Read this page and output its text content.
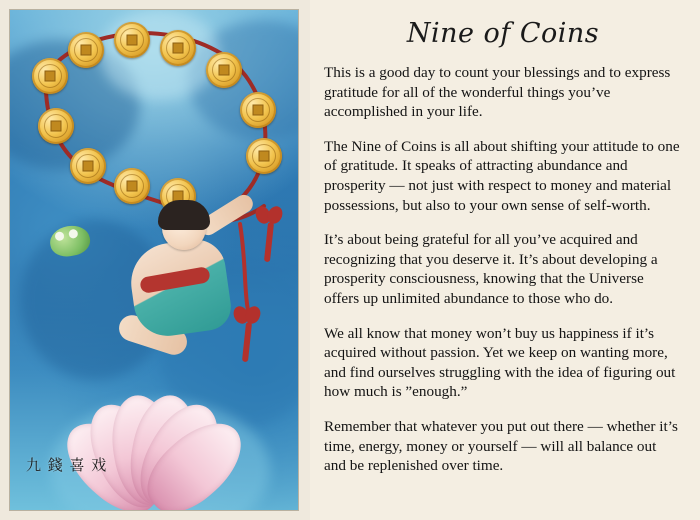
九 錢 喜 戏
Nine of Coins

This is a good day to count your blessings and to express gratitude for all of the wonderful things you’ve accomplished in your life.

The Nine of Coins is all about shifting your attitude to one of gratitude. It speaks of attracting abundance and prosperity — not just with respect to money and material possessions, but also to your own sense of self-worth.

It’s about being grateful for all you’ve acquired and recognizing that you deserve it. It’s about developing a prosperity consciousness, knowing that the Universe offers up unlimited abundance to those who do.

We all know that money won’t buy us happiness if it’s acquired without passion. Yet we keep on wanting more, and find ourselves struggling with the idea of figuring out how much is ”enough.”

Remember that whatever you put out there — whether it’s time, energy, money or yourself — will all balance out and be replenished over time.
